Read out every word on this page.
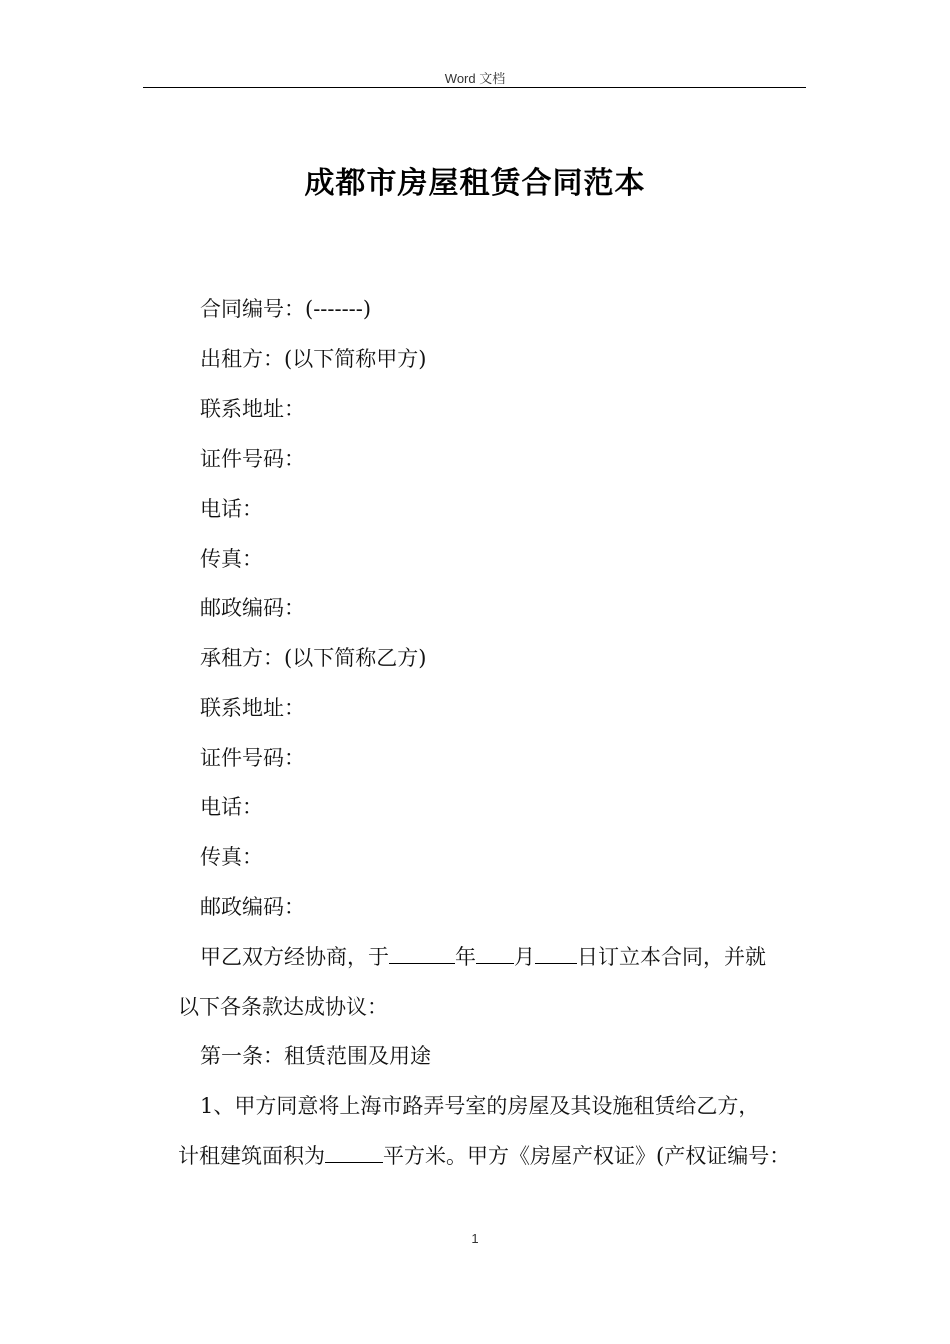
Word 文档
成都市房屋租赁合同范本
合同编号：(-------)
出租方：(以下简称甲方)
联系地址：
证件号码：
电话：
传真：
邮政编码：
承租方：(以下简称乙方)
联系地址：
证件号码：
电话：
传真：
邮政编码：
甲乙双方经协商，于	年 月 日订立本合同，并就
以下各条款达成协议：
第一条：租赁范围及用途
1、甲方同意将上海市路弄号室的房屋及其设施租赁给乙方，
计租建筑面积为	平方米。甲方《房屋产权证》(产权证编号：
1
